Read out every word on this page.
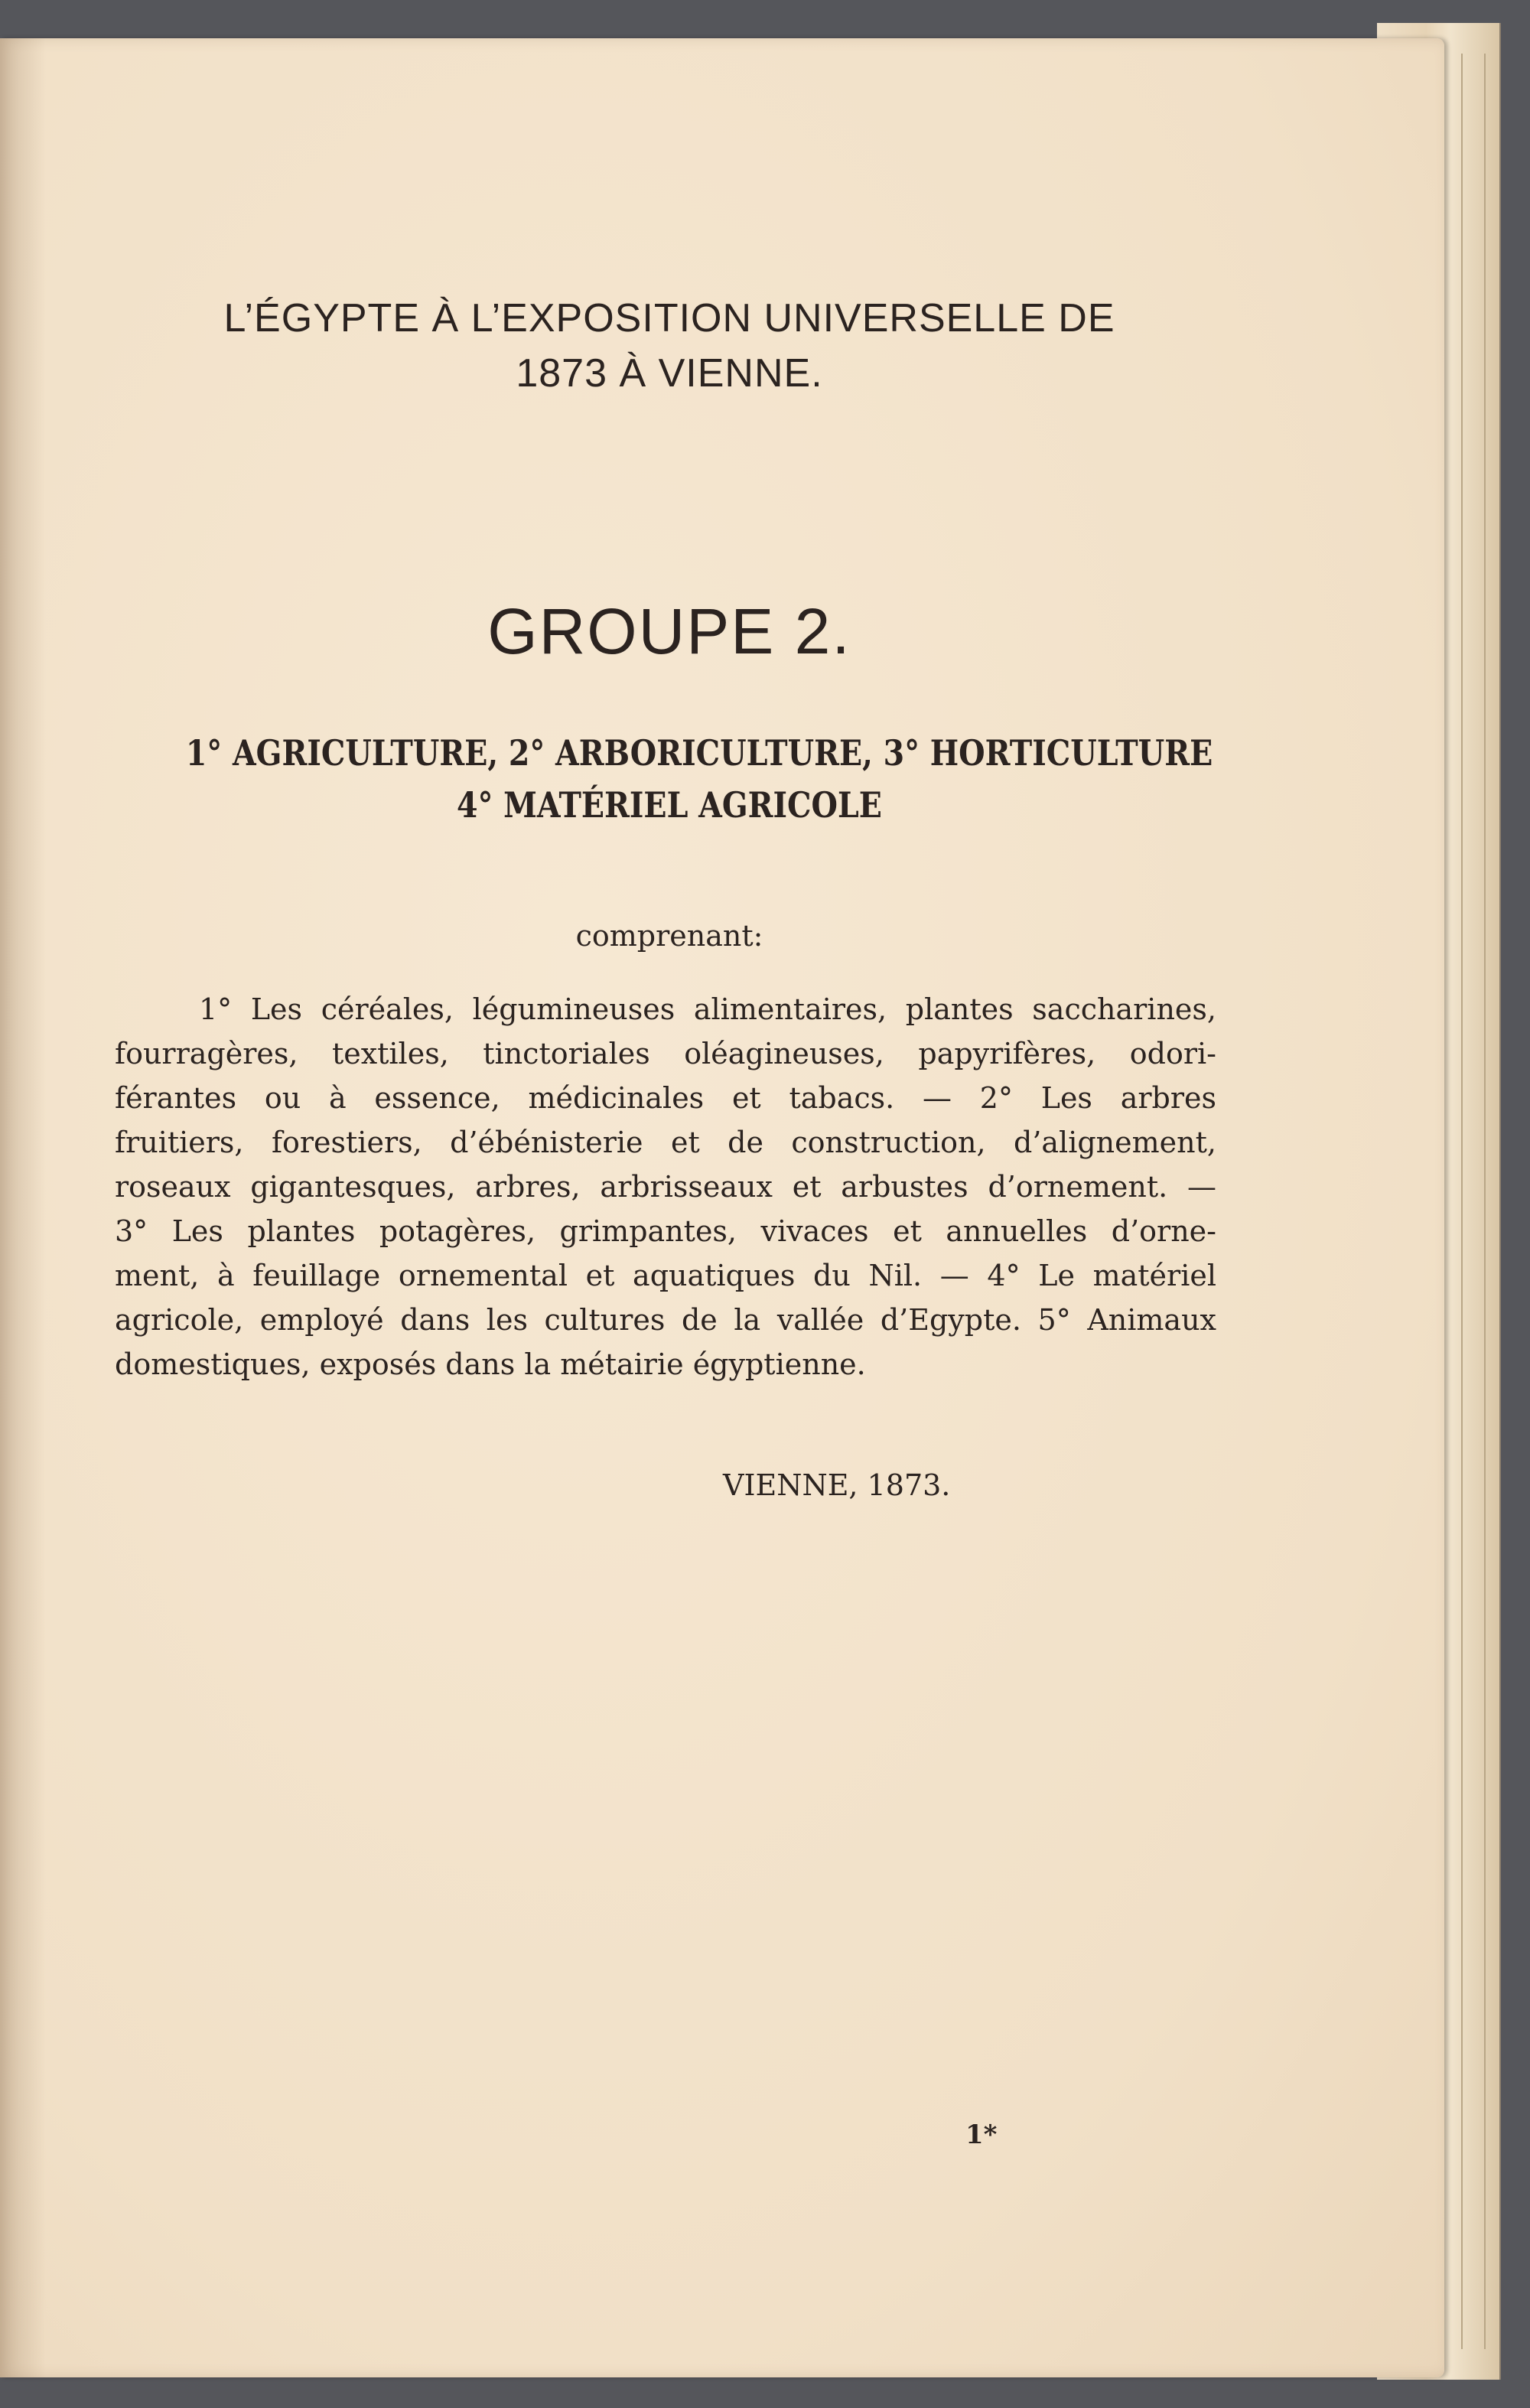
L’ÉGYPTE À L’EXPOSITION UNIVERSELLE DE
1873 À VIENNE.
GROUPE 2.
1° AGRICULTURE, 2° ARBORICULTURE, 3° HORTICULTURE
4° MATÉRIEL AGRICOLE
comprenant:
1° Les céréales, légumineuses alimentaires, plantes saccharines,
fourragères, textiles, tinctoriales oléagineuses, papyrifères, odori-
férantes ou à essence, médicinales et tabacs. — 2° Les arbres
fruitiers, forestiers, d’ébénisterie et de construction, d’alignement,
roseaux gigantesques, arbres, arbrisseaux et arbustes d’ornement. —
3° Les plantes potagères, grimpantes, vivaces et annuelles d’orne-
ment, à feuillage ornemental et aquatiques du Nil. — 4° Le matériel
agricole, employé dans les cultures de la vallée d’Egypte. 5° Animaux
domestiques, exposés dans la métairie égyptienne.
VIENNE, 1873.
1*
